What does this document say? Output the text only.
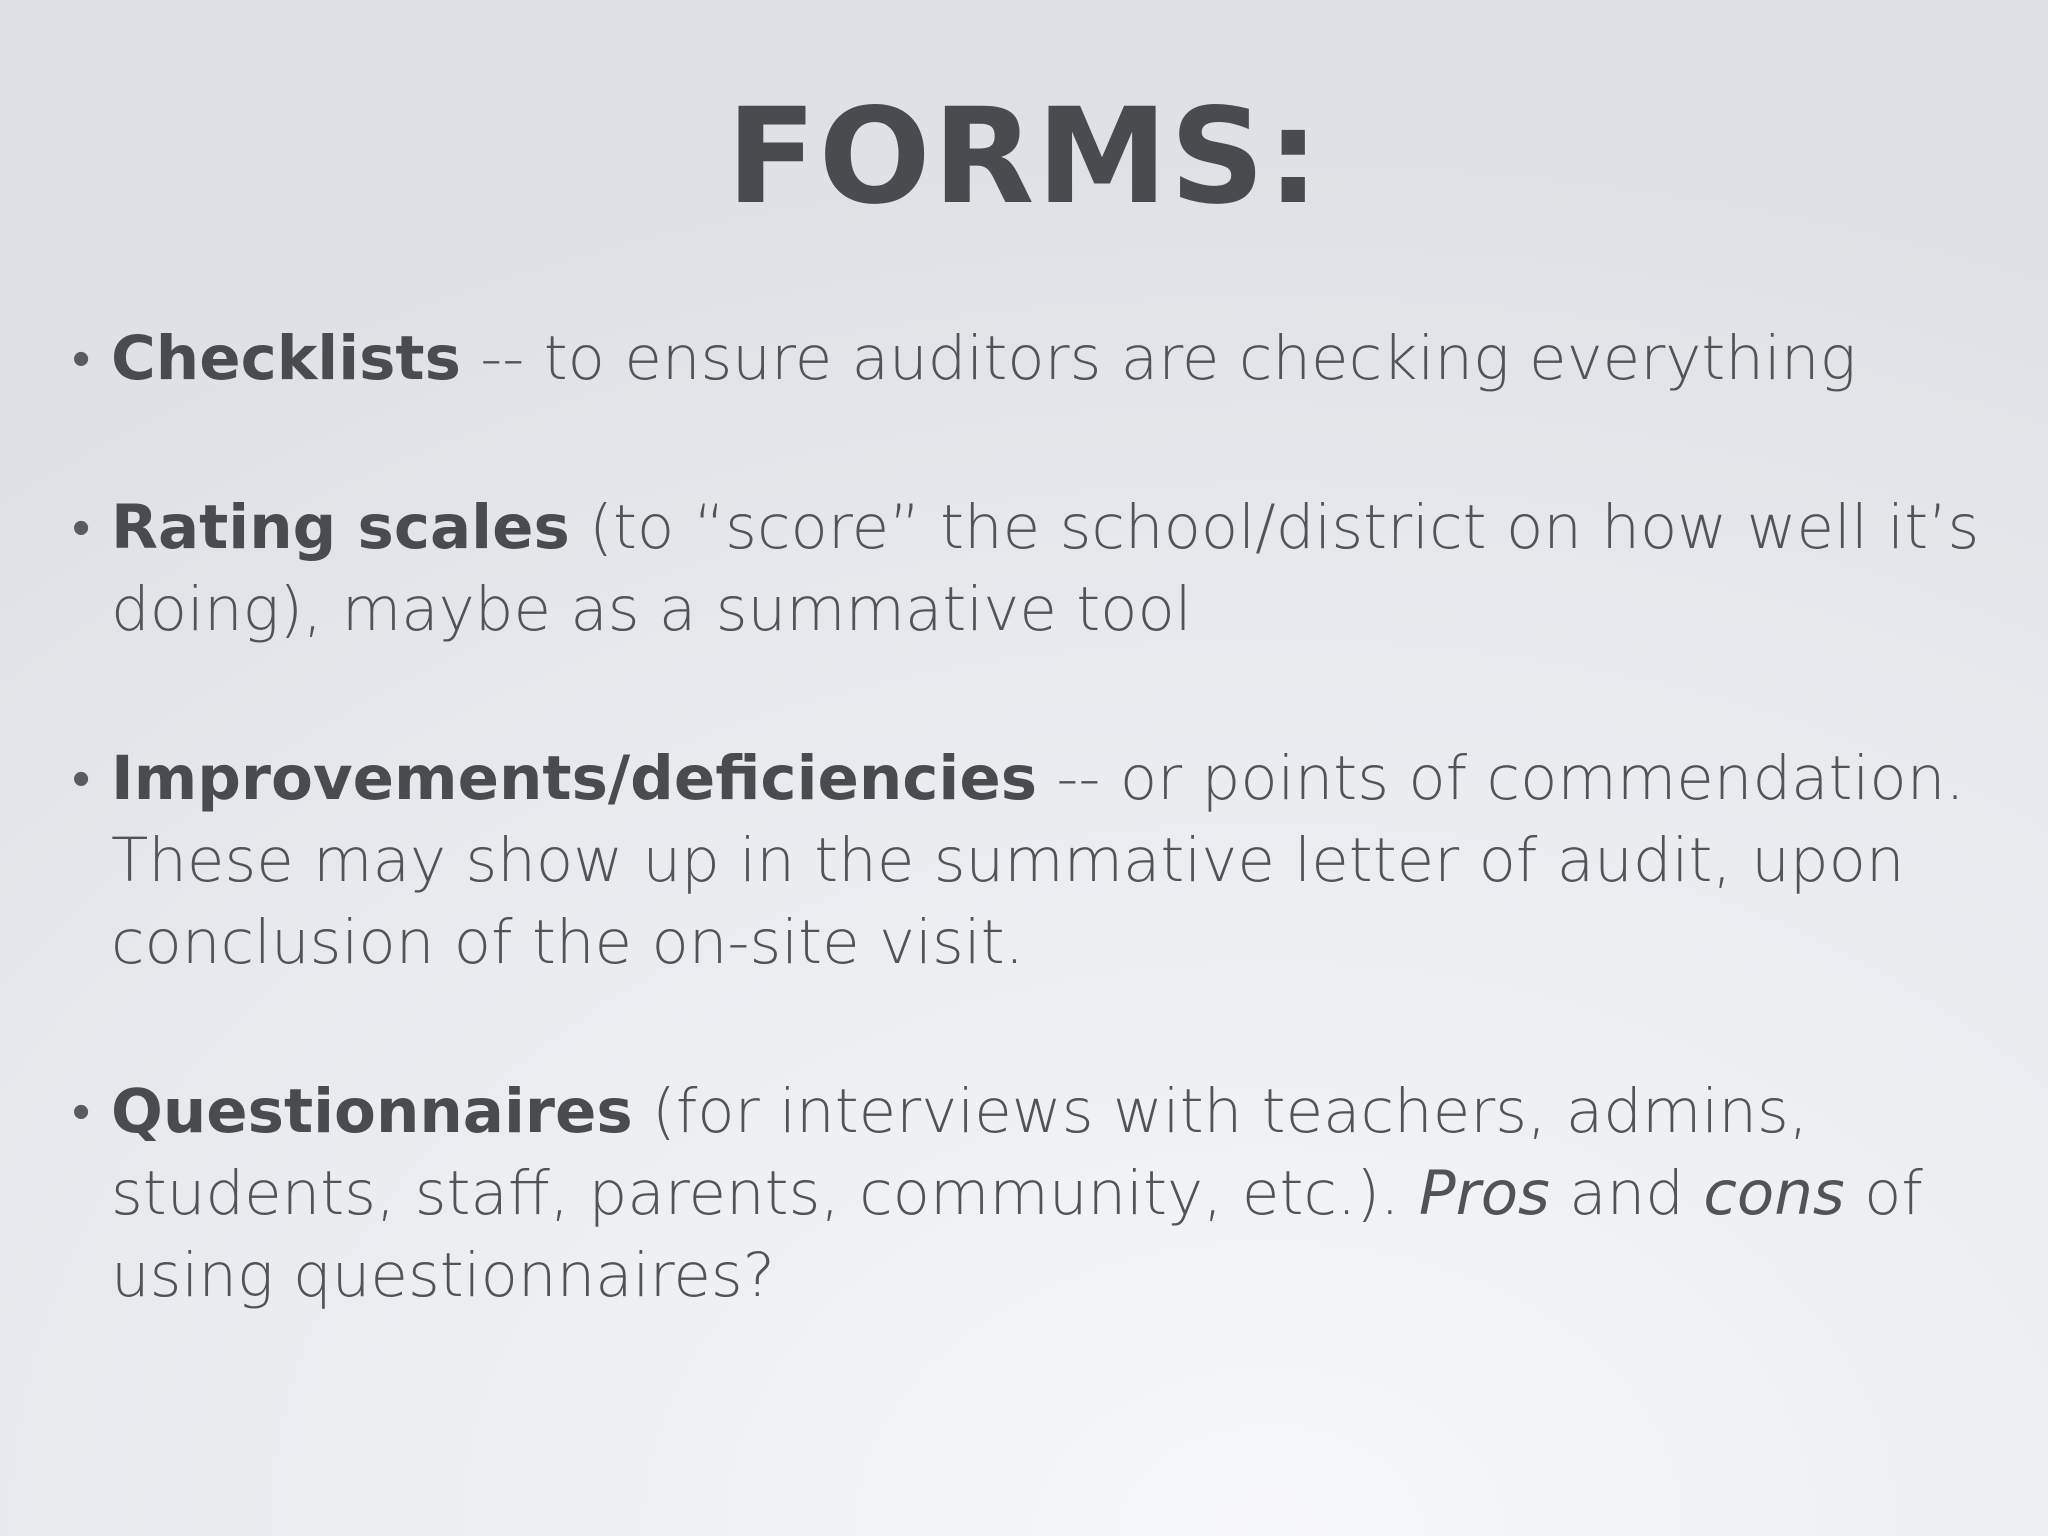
FORMS:
• Checklists -- to ensure auditors are checking everything
• Rating scales (to “score” the school/district on how well it’s doing), maybe as a summative tool
• Improvements/deficiencies -- or points of commendation. These may show up in the summative letter of audit, upon conclusion of the on-site visit.
• Questionnaires (for interviews with teachers, admins, students, staff, parents, community, etc.). Pros and cons of using questionnaires?
